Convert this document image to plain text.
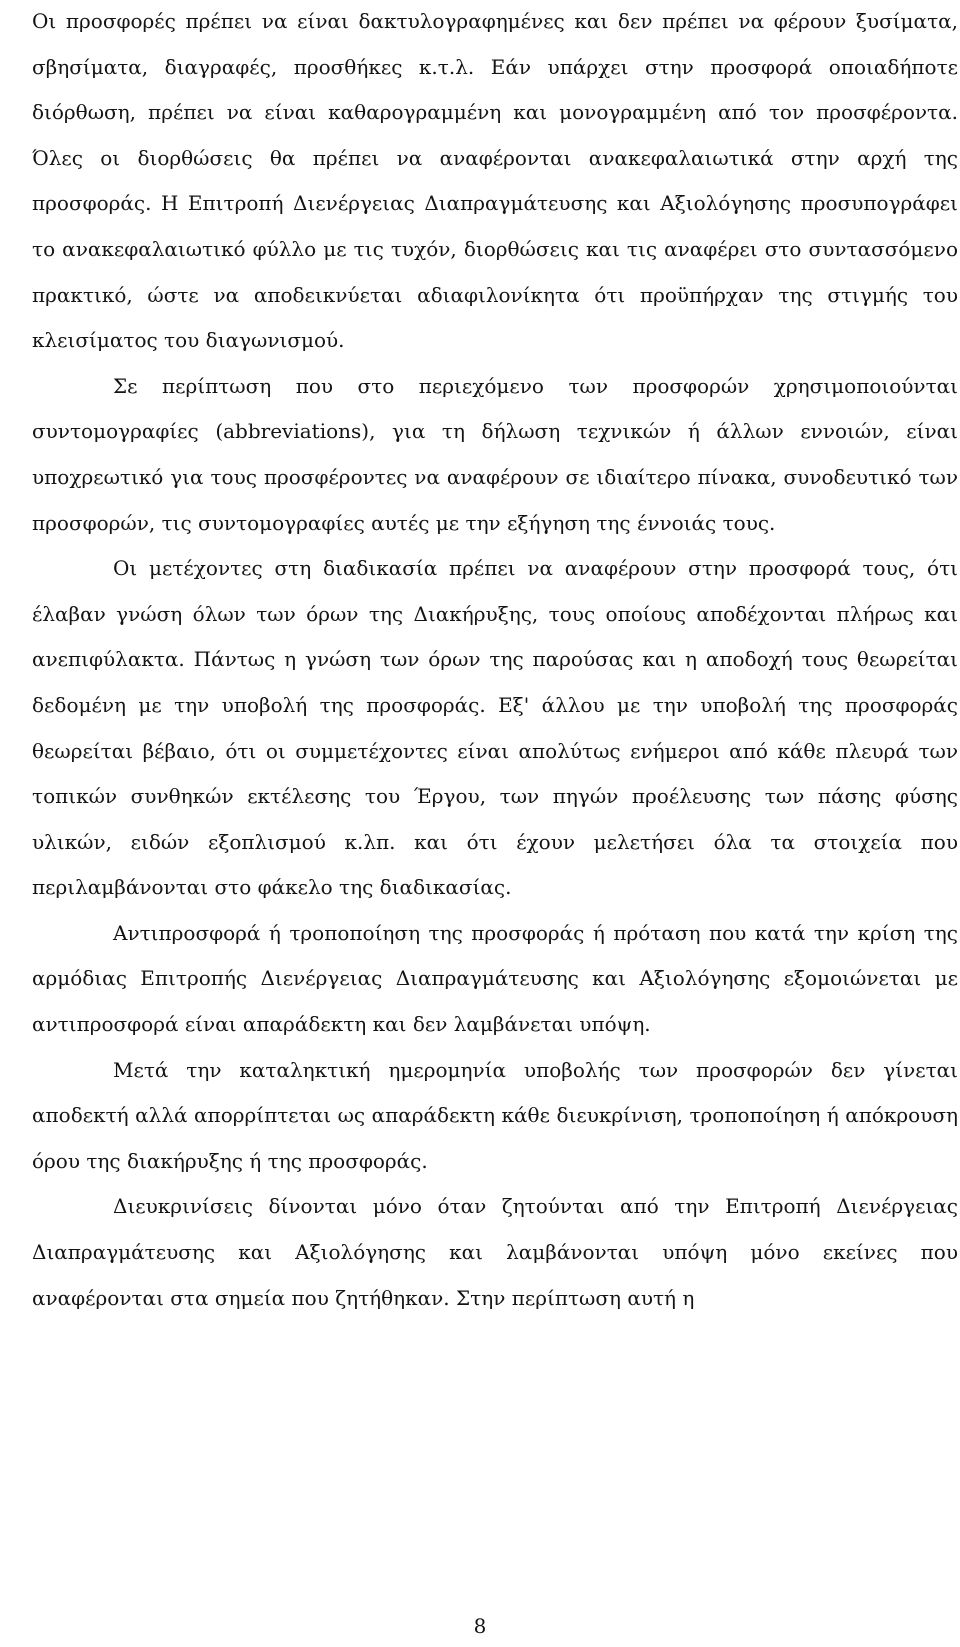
Οι προσφορές πρέπει να είναι δακτυλογραφημένες και δεν πρέπει να φέρουν ξυσίματα, σβησίματα, διαγραφές, προσθήκες κ.τ.λ. Εάν υπάρχει στην προσφορά οποιαδήποτε διόρθωση, πρέπει να είναι καθαρογραμμένη και μονογραμμένη από τον προσφέροντα. Όλες οι διορθώσεις θα πρέπει να αναφέρονται ανακεφαλαιωτικά στην αρχή της προσφοράς. Η Επιτροπή Διενέργειας Διαπραγμάτευσης και Αξιολόγησης προσυπογράφει το ανακεφαλαιωτικό φύλλο με τις τυχόν, διορθώσεις και τις αναφέρει στο συντασσόμενο πρακτικό, ώστε να αποδεικνύεται αδιαφιλονίκητα ότι προϋπήρχαν της στιγμής του κλεισίματος του διαγωνισμού.

Σε περίπτωση που στο περιεχόμενο των προσφορών χρησιμοποιούνται συντομογραφίες (abbreviations), για τη δήλωση τεχνικών ή άλλων εννοιών, είναι υποχρεωτικό για τους προσφέροντες να αναφέρουν σε ιδιαίτερο πίνακα, συνοδευτικό των προσφορών, τις συντομογραφίες αυτές με την εξήγηση της έννοιάς τους.

Οι μετέχοντες στη διαδικασία πρέπει να αναφέρουν στην προσφορά τους, ότι έλαβαν γνώση όλων των όρων της Διακήρυξης, τους οποίους αποδέχονται πλήρως και ανεπιφύλακτα. Πάντως η γνώση των όρων της παρούσας και η αποδοχή τους θεωρείται δεδομένη με την υποβολή της προσφοράς. Εξ' άλλου με την υποβολή της προσφοράς θεωρείται βέβαιο, ότι οι συμμετέχοντες είναι απολύτως ενήμεροι από κάθε πλευρά των τοπικών συνθηκών εκτέλεσης του Έργου, των πηγών προέλευσης των πάσης φύσης υλικών, ειδών εξοπλισμού κ.λπ. και ότι έχουν μελετήσει όλα τα στοιχεία που περιλαμβάνονται στο φάκελο της διαδικασίας.

Αντιπροσφορά ή τροποποίηση της προσφοράς ή πρόταση που κατά την κρίση της αρμόδιας Επιτροπής Διενέργειας Διαπραγμάτευσης και Αξιολόγησης εξομοιώνεται με αντιπροσφορά είναι απαράδεκτη και δεν λαμβάνεται υπόψη.

Μετά την καταληκτική ημερομηνία υποβολής των προσφορών δεν γίνεται αποδεκτή αλλά απορρίπτεται ως απαράδεκτη κάθε διευκρίνιση, τροποποίηση ή απόκρουση όρου της διακήρυξης ή της προσφοράς.

Διευκρινίσεις δίνονται μόνο όταν ζητούνται από την Επιτροπή Διενέργειας Διαπραγμάτευσης και Αξιολόγησης και λαμβάνονται υπόψη μόνο εκείνες που αναφέρονται στα σημεία που ζητήθηκαν. Στην περίπτωση αυτή η

8
